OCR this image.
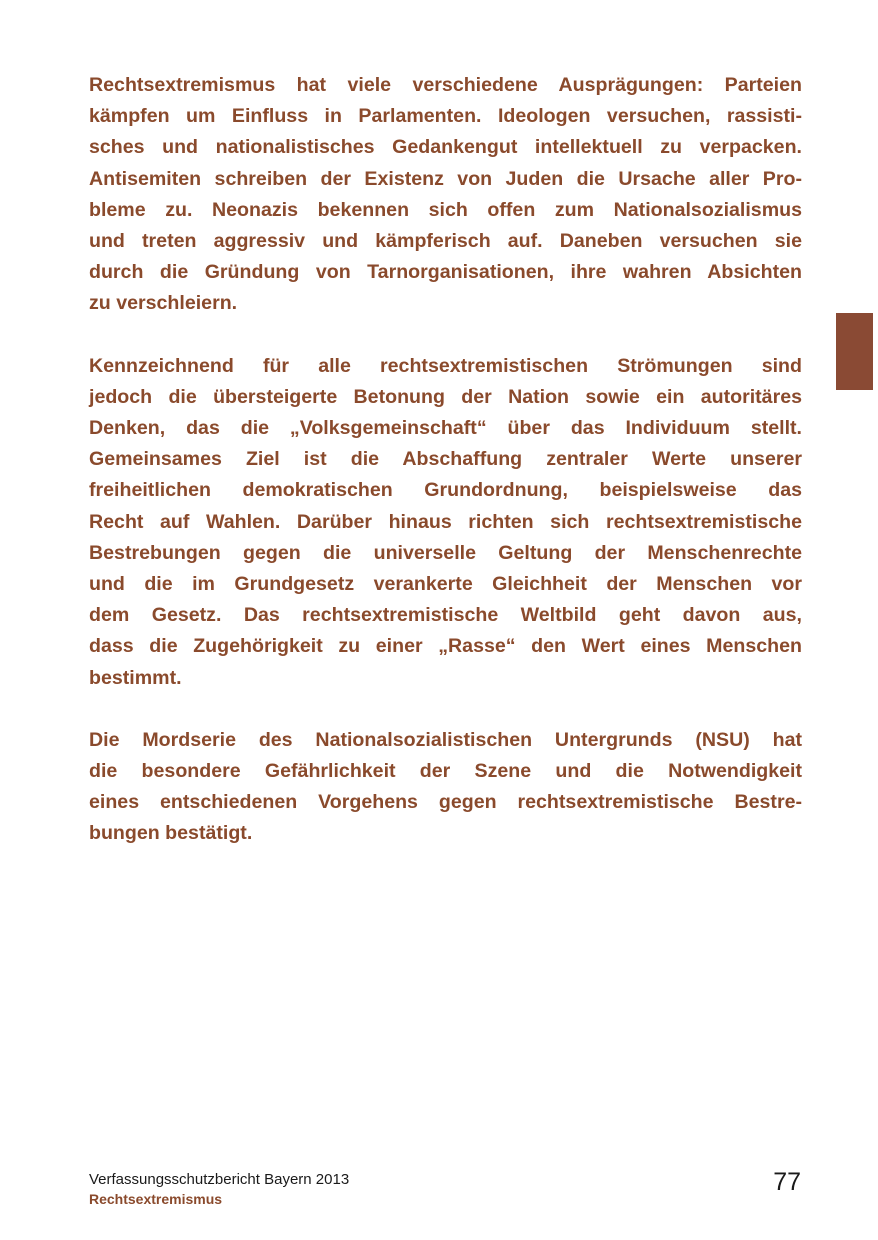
Rechtsextremismus hat viele verschiedene Ausprägungen: Parteien
kämpfen um Einfluss in Parlamenten. Ideologen versuchen, rassisti-
sches und nationalistisches Gedankengut intellektuell zu verpacken.
Antisemiten schreiben der Existenz von Juden die Ursache aller Pro-
bleme zu. Neonazis bekennen sich offen zum Nationalsozialismus
und treten aggressiv und kämpferisch auf. Daneben versuchen sie
durch die Gründung von Tarnorganisationen, ihre wahren Absichten
zu verschleiern.

Kennzeichnend für alle rechtsextremistischen Strömungen sind
jedoch die übersteigerte Betonung der Nation sowie ein autoritäres
Denken, das die „Volksgemeinschaft“ über das Individuum stellt.
Gemeinsames Ziel ist die Abschaffung zentraler Werte unserer
freiheitlichen demokratischen Grundordnung, beispielsweise das
Recht auf Wahlen. Darüber hinaus richten sich rechtsextremistische
Bestrebungen gegen die universelle Geltung der Menschenrechte
und die im Grundgesetz verankerte Gleichheit der Menschen vor
dem Gesetz. Das rechtsextremistische Weltbild geht davon aus,
dass die Zugehörigkeit zu einer „Rasse“ den Wert eines Menschen
bestimmt.

Die Mordserie des Nationalsozialistischen Untergrunds (NSU) hat
die besondere Gefährlichkeit der Szene und die Notwendigkeit
eines entschiedenen Vorgehens gegen rechtsextremistische Bestre-
bungen bestätigt.

Verfassungsschutzbericht Bayern 2013
Rechtsextremismus
77
